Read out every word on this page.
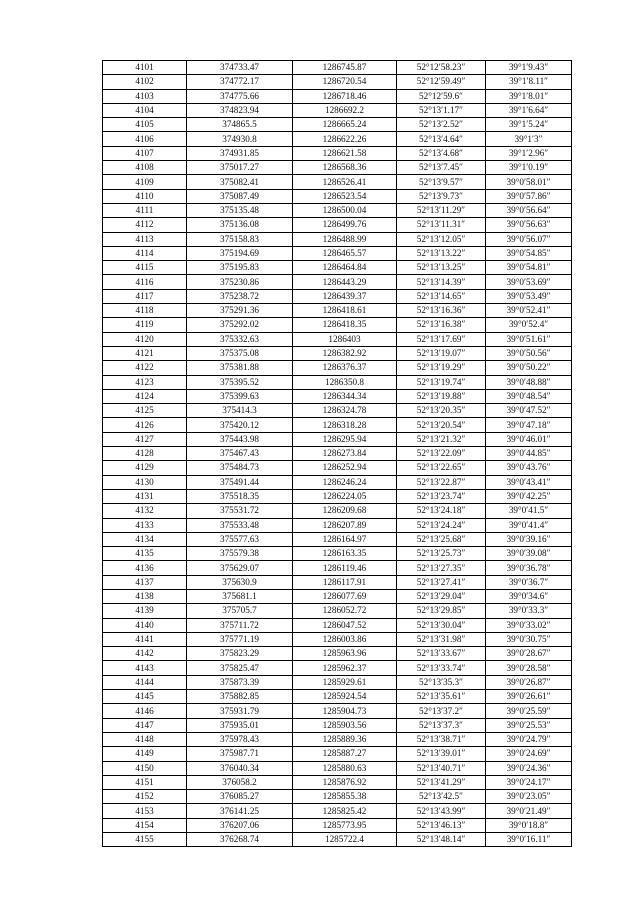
4101	374733.47	1286745.87	52°12′58.23″	39°1′9.43″
4102	374772.17	1286720.54	52°12′59.49″	39°1′8.11″
4103	374775.66	1286718.46	52°12′59.6″	39°1′8.01″
4104	374823.94	1286692.2	52°13′1.17″	39°1′6.64″
4105	374865.5	1286665.24	52°13′2.52″	39°1′5.24″
4106	374930.8	1286622.26	52°13′4.64″	39°1′3″
4107	374931.85	1286621.58	52°13′4.68″	39°1′2.96″
4108	375017.27	1286568.36	52°13′7.45″	39°1′0.19″
4109	375082.41	1286526.41	52°13′9.57″	39°0′58.01″
4110	375087.49	1286523.54	52°13′9.73″	39°0′57.86″
4111	375135.48	1286500.04	52°13′11.29″	39°0′56.64″
4112	375136.08	1286499.76	52°13′11.31″	39°0′56.63″
4113	375158.83	1286488.99	52°13′12.05″	39°0′56.07″
4114	375194.69	1286465.57	52°13′13.22″	39°0′54.85″
4115	375195.83	1286464.84	52°13′13.25″	39°0′54.81″
4116	375230.86	1286443.29	52°13′14.39″	39°0′53.69″
4117	375238.72	1286439.37	52°13′14.65″	39°0′53.49″
4118	375291.36	1286418.61	52°13′16.36″	39°0′52.41″
4119	375292.02	1286418.35	52°13′16.38″	39°0′52.4″
4120	375332.63	1286403	52°13′17.69″	39°0′51.61″
4121	375375.08	1286382.92	52°13′19.07″	39°0′50.56″
4122	375381.88	1286376.37	52°13′19.29″	39°0′50.22″
4123	375395.52	1286350.8	52°13′19.74″	39°0′48.88″
4124	375399.63	1286344.34	52°13′19.88″	39°0′48.54″
4125	375414.3	1286324.78	52°13′20.35″	39°0′47.52″
4126	375420.12	1286318.28	52°13′20.54″	39°0′47.18″
4127	375443.98	1286295.94	52°13′21.32″	39°0′46.01″
4128	375467.43	1286273.84	52°13′22.09″	39°0′44.85″
4129	375484.73	1286252.94	52°13′22.65″	39°0′43.76″
4130	375491.44	1286246.24	52°13′22.87″	39°0′43.41″
4131	375518.35	1286224.05	52°13′23.74″	39°0′42.25″
4132	375531.72	1286209.68	52°13′24.18″	39°0′41.5″
4133	375533.48	1286207.89	52°13′24.24″	39°0′41.4″
4134	375577.63	1286164.97	52°13′25.68″	39°0′39.16″
4135	375579.38	1286163.35	52°13′25.73″	39°0′39.08″
4136	375629.07	1286119.46	52°13′27.35″	39°0′36.78″
4137	375630.9	1286117.91	52°13′27.41″	39°0′36.7″
4138	375681.1	1286077.69	52°13′29.04″	39°0′34.6″
4139	375705.7	1286052.72	52°13′29.85″	39°0′33.3″
4140	375711.72	1286047.52	52°13′30.04″	39°0′33.02″
4141	375771.19	1286003.86	52°13′31.98″	39°0′30.75″
4142	375823.29	1285963.96	52°13′33.67″	39°0′28.67″
4143	375825.47	1285962.37	52°13′33.74″	39°0′28.58″
4144	375873.39	1285929.61	52°13′35.3″	39°0′26.87″
4145	375882.85	1285924.54	52°13′35.61″	39°0′26.61″
4146	375931.79	1285904.73	52°13′37.2″	39°0′25.59″
4147	375935.01	1285903.56	52°13′37.3″	39°0′25.53″
4148	375978.43	1285889.36	52°13′38.71″	39°0′24.79″
4149	375987.71	1285887.27	52°13′39.01″	39°0′24.69″
4150	376040.34	1285880.63	52°13′40.71″	39°0′24.36″
4151	376058.2	1285876.92	52°13′41.29″	39°0′24.17″
4152	376085.27	1285855.38	52°13′42.5″	39°0′23.05″
4153	376141.25	1285825.42	52°13′43.99″	39°0′21.49″
4154	376207.06	1285773.95	52°13′46.13″	39°0′18.8″
4155	376268.74	1285722.4	52°13′48.14″	39°0′16.11″
